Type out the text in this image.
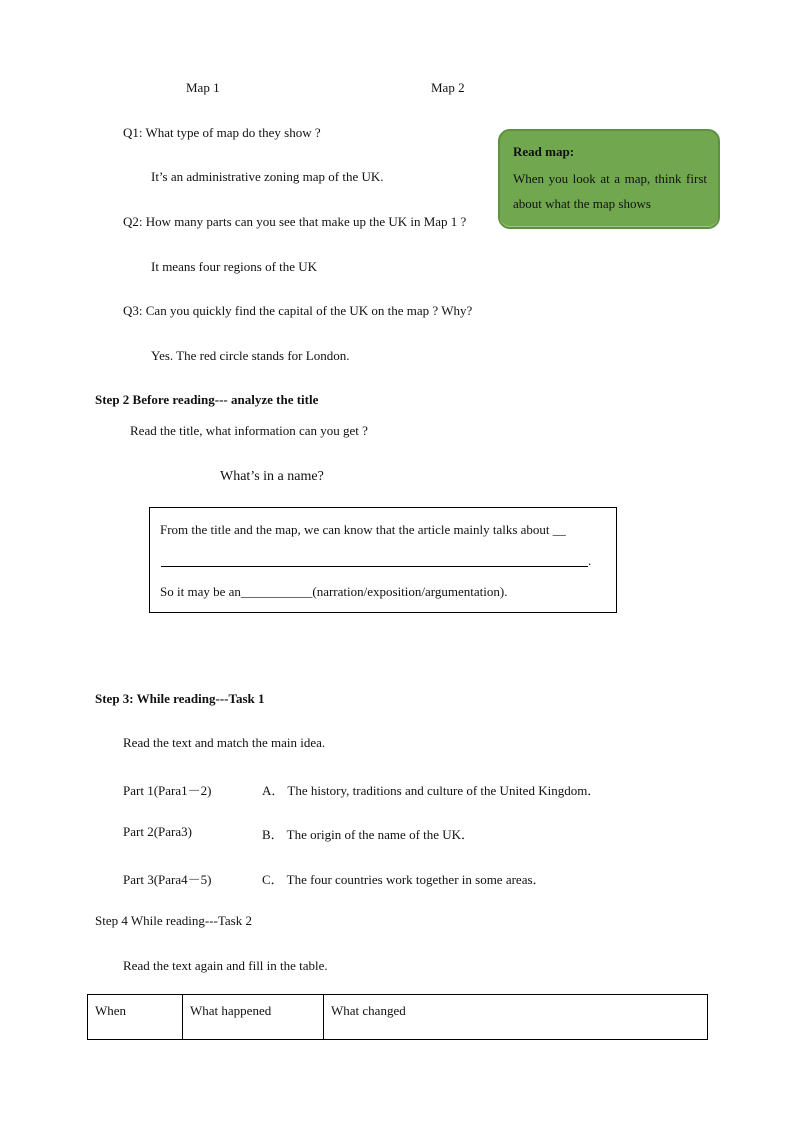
Map 1	Map 2
Q1: What type of map do they show ?
It’s an administrative zoning map of the UK.
Q2: How many parts can you see that make up the UK in Map 1 ?
It means four regions of the UK
Q3: Can you quickly find the capital of the UK on the map ? Why?
Yes. The red circle stands for London.
Read map:
When you look at a map, think first about what the map shows
Step 2 Before reading--- analyze the title
Read the title, what information can you get ?
What’s in a name?
From the title and the map, we can know that the article mainly talks about __
.
So it may be an___________(narration/exposition/argumentation).
Step 3: While reading---Task 1
Read the text and match the main idea.
Part 1(Para1－2)	A． The history, traditions and culture of the United Kingdom．
Part 2(Para3)	B． The origin of the name of the UK．
Part 3(Para4－5)	C． The four countries work together in some areas．
Step 4 While reading---Task 2
Read the text again and fill in the table.
When	What happened	What changed
